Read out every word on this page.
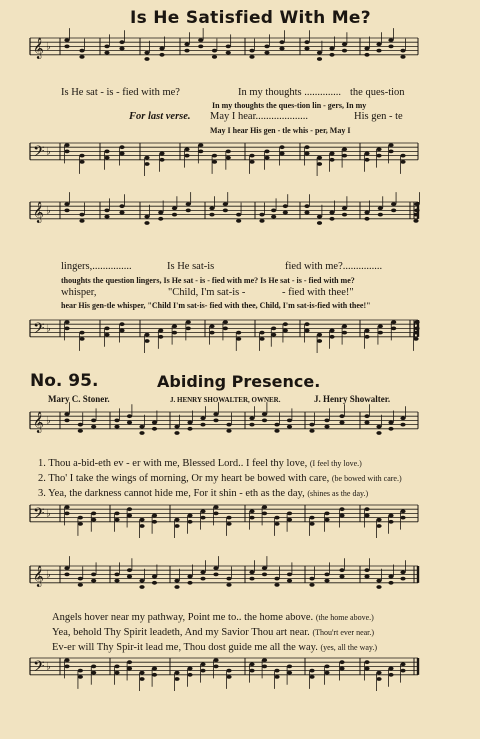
𝄞 ♭
𝄢 ♭
𝄞 ♭
𝄢 ♭
𝄞 ♭
𝄢 ♭
𝄞 ♭
𝄢 ♭
Is He Satisfied With Me?
Is He sat - is - fied with me?	In my thoughts .............. the ques-tion
In my thoughts the ques-tion lin - gers, In my
For last verse. May I hear....................	His gen - te
May I hear His gen - tle whis - per, May I
lingers,...............	Is He sat-is	fied with me?...............
thoughts the question lingers, Is He sat - is - fied with me? Is He sat - is - fied with me?
whisper,	"Child, I'm sat-is -	- fied with thee!"
hear His gen-tle whisper, "Child I'm sat-is- fied with thee, Child, I'm sat-is-fied with thee!"
No. 95.	Abiding Presence.
Mary C. Stoner.	J. HENRY SHOWALTER, OWNER.	J. Henry Showalter.
1. Thou a-bid-eth ev - er with me, Blessed Lord.. I feel thy love, (I feel thy love.)
2. Tho' I take the wings of morning, Or my heart be bowed with care, (be bowed with care.)
3. Yea, the darkness cannot hide me, For it shin - eth as the day, (shines as the day.)
Angels hover near my pathway, Point me to.. the home above. (the home above.)
Yea, behold Thy Spirit leadeth, And my Savior Thou art near. (Thou'rt ever near.)
Ev-er will Thy Spir-it lead me, Thou dost guide me all the way. (yes, all the way.)
